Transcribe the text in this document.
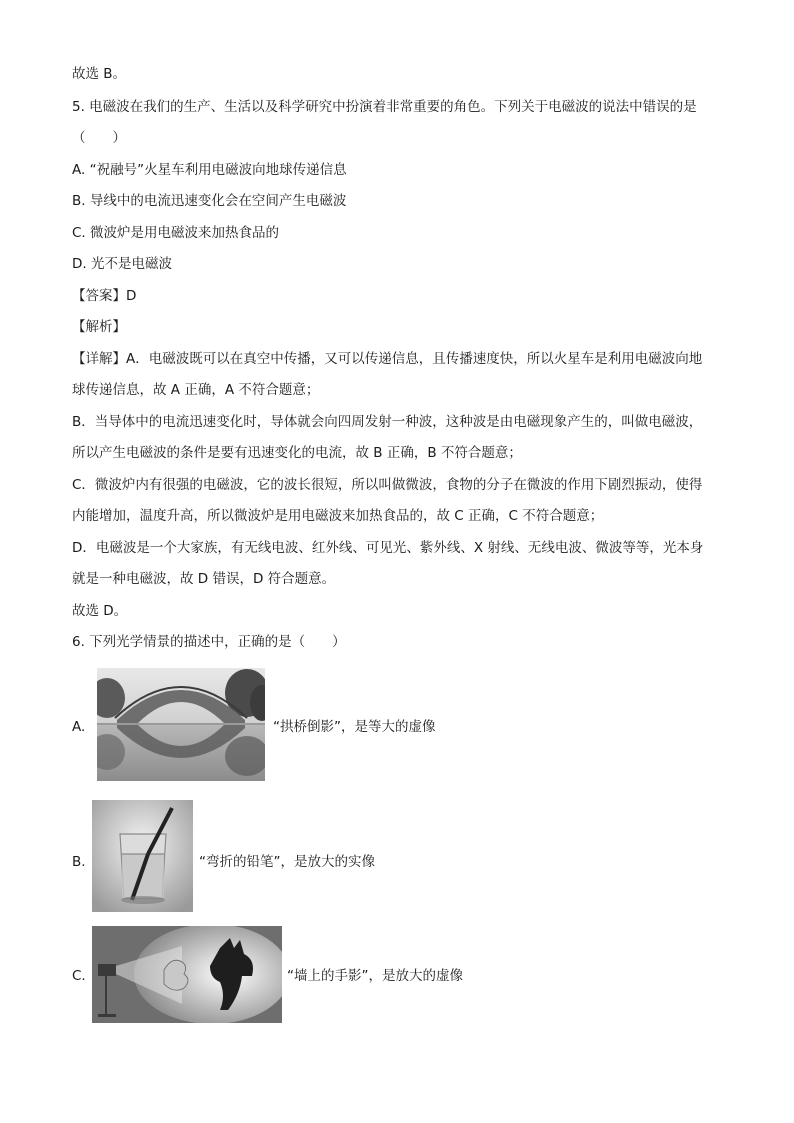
故选 B。
5. 电磁波在我们的生产、生活以及科学研究中扮演着非常重要的角色。下列关于电磁波的说法中错误的是
（　　）
A. “祝融号”火星车利用电磁波向地球传递信息
B. 导线中的电流迅速变化会在空间产生电磁波
C. 微波炉是用电磁波来加热食品的
D. 光不是电磁波
【答案】D
【解析】
【详解】A．电磁波既可以在真空中传播，又可以传递信息，且传播速度快，所以火星车是利用电磁波向地
球传递信息，故 A 正确，A 不符合题意；
B．当导体中的电流迅速变化时，导体就会向四周发射一种波，这种波是由电磁现象产生的，叫做电磁波，
所以产生电磁波的条件是要有迅速变化的电流，故 B 正确，B 不符合题意；
C．微波炉内有很强的电磁波，它的波长很短，所以叫做微波，食物的分子在微波的作用下剧烈振动，使得
内能增加，温度升高，所以微波炉是用电磁波来加热食品的，故 C 正确，C 不符合题意；
D．电磁波是一个大家族，有无线电波、红外线、可见光、紫外线、X 射线、无线电波、微波等等，光本身
就是一种电磁波，故 D 错误，D 符合题意。
故选 D。
6. 下列光学情景的描述中，正确的是（　　）
A.	“拱桥倒影”，是等大的虚像
B.	“弯折的铅笔”，是放大的实像
C.	“墙上的手影”，是放大的虚像
